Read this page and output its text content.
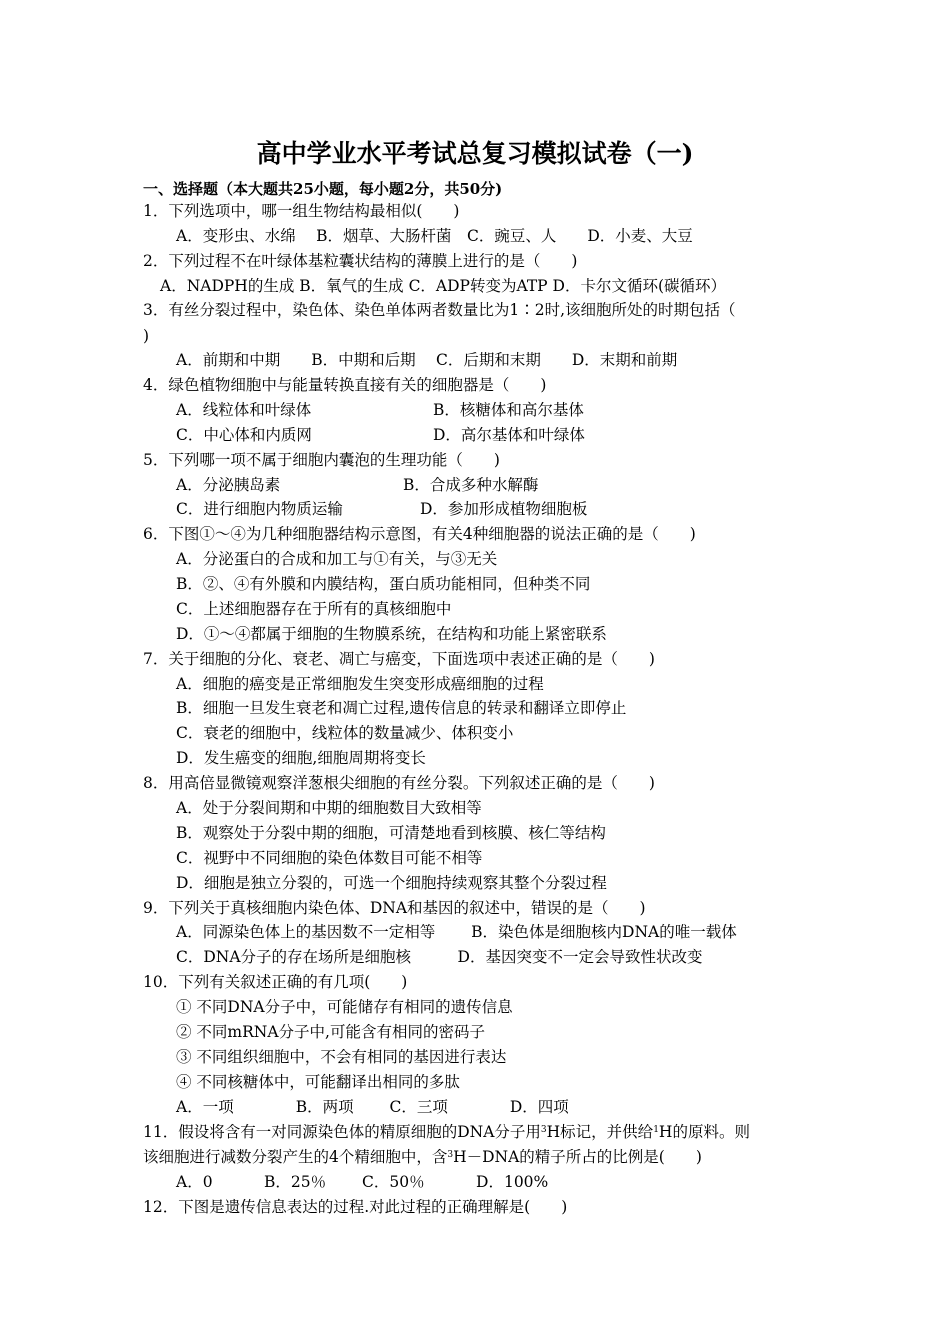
高中学业水平考试总复习模拟试卷（一)
一、选择题（本大题共25小题，每小题2分，共50分)
1．下列选项中，哪一组生物结构最相似(　　)
A．变形虫、水绵　 B．烟草、大肠杆菌　C．豌豆、人　　D．小麦、大豆
2．下列过程不在叶绿体基粒囊状结构的薄膜上进行的是（　　)
A．NADPH的生成 B．氧气的生成 C．ADP转变为ATP D．卡尔文循环(碳循环）
3．有丝分裂过程中，染色体、染色单体两者数量比为1∶2时,该细胞所处的时期包括（
)
A．前期和中期　　B．中期和后期　 C．后期和末期　　D．末期和前期
4．绿色植物细胞中与能量转换直接有关的细胞器是（　　)
A．线粒体和叶绿体	B．核糖体和高尔基体
C．中心体和内质网	D．高尔基体和叶绿体
5．下列哪一项不属于细胞内囊泡的生理功能（　　)
A．分泌胰岛素	B．合成多种水解酶
C．进行细胞内物质运输	D．参加形成植物细胞板
6．下图①～④为几种细胞器结构示意图，有关4种细胞器的说法正确的是（　　)
A．分泌蛋白的合成和加工与①有关，与③无关
B．②、④有外膜和内膜结构，蛋白质功能相同，但种类不同
C．上述细胞器存在于所有的真核细胞中
D．①～④都属于细胞的生物膜系统，在结构和功能上紧密联系
7．关于细胞的分化、衰老、凋亡与癌变，下面选项中表述正确的是（　　)
A．细胞的癌变是正常细胞发生突变形成癌细胞的过程
B．细胞一旦发生衰老和凋亡过程,遗传信息的转录和翻译立即停止
C．衰老的细胞中，线粒体的数量减少、体积变小
D．发生癌变的细胞,细胞周期将变长
8．用高倍显微镜观察洋葱根尖细胞的有丝分裂。下列叙述正确的是（　　)
A．处于分裂间期和中期的细胞数目大致相等
B．观察处于分裂中期的细胞，可清楚地看到核膜、核仁等结构
C．视野中不同细胞的染色体数目可能不相等
D．细胞是独立分裂的，可选一个细胞持续观察其整个分裂过程
9．下列关于真核细胞内染色体、DNA和基因的叙述中，错误的是（　　)
A．同源染色体上的基因数不一定相等　　 B．染色体是细胞核内DNA的唯一载体
C．DNA分子的存在场所是细胞核　　　D．基因突变不一定会导致性状改变
10．下列有关叙述正确的有几项(　　)
① 不同DNA分子中，可能储存有相同的遗传信息
② 不同mRNA分子中,可能含有相同的密码子
③ 不同组织细胞中，不会有相同的基因进行表达
④ 不同核糖体中，可能翻译出相同的多肽
A．一项　　　　B．两项　　 C．三项　　　　D．四项
11．假设将含有一对同源染色体的精原细胞的DNA分子用$^3$H标记，并供给$^1$H的原料。则
该细胞进行减数分裂产生的4个精细胞中，含$^3$H－DNA的精子所占的比例是(　　)
A．0　　　 B．25％　　 C．50％　　　 D．100%
12．下图是遗传信息表达的过程.对此过程的正确理解是(　　)
